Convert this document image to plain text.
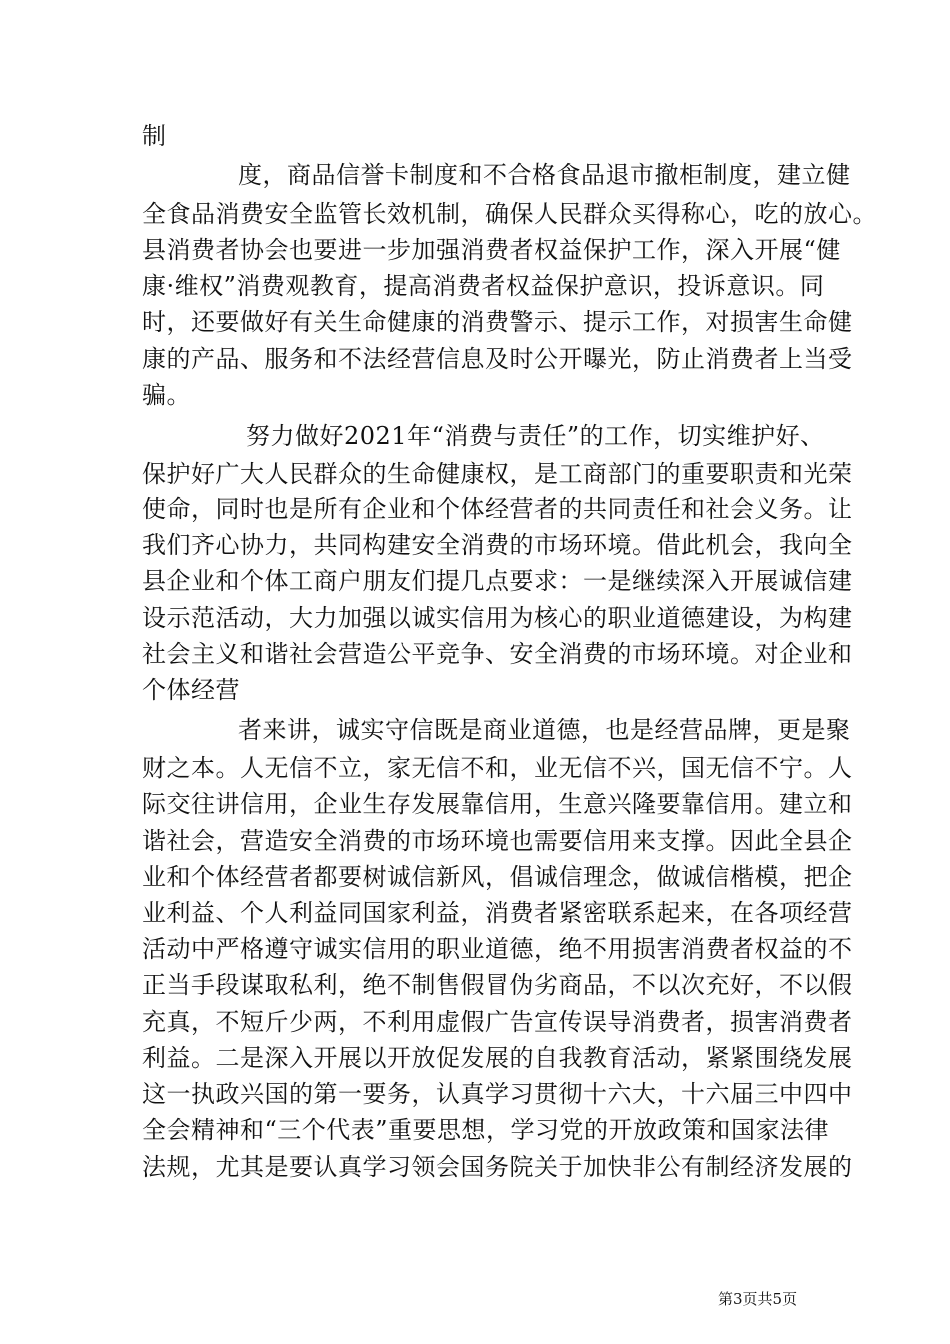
制
度，商品信誉卡制度和不合格食品退市撤柜制度，建立健
全食品消费安全监管长效机制，确保人民群众买得称心，吃的放心。
县消费者协会也要进一步加强消费者权益保护工作，深入开展“健
康·维权”消费观教育，提高消费者权益保护意识，投诉意识。同
时，还要做好有关生命健康的消费警示、提示工作，对损害生命健
康的产品、服务和不法经营信息及时公开曝光，防止消费者上当受
骗。
努力做好2021年“消费与责任”的工作，切实维护好、
保护好广大人民群众的生命健康权，是工商部门的重要职责和光荣
使命，同时也是所有企业和个体经营者的共同责任和社会义务。让
我们齐心协力，共同构建安全消费的市场环境。借此机会，我向全
县企业和个体工商户朋友们提几点要求：一是继续深入开展诚信建
设示范活动，大力加强以诚实信用为核心的职业道德建设，为构建
社会主义和谐社会营造公平竞争、安全消费的市场环境。对企业和
个体经营
者来讲，诚实守信既是商业道德，也是经营品牌，更是聚
财之本。人无信不立，家无信不和，业无信不兴，国无信不宁。人
际交往讲信用，企业生存发展靠信用，生意兴隆要靠信用。建立和
谐社会，营造安全消费的市场环境也需要信用来支撑。因此全县企
业和个体经营者都要树诚信新风，倡诚信理念，做诚信楷模，把企
业利益、个人利益同国家利益，消费者紧密联系起来，在各项经营
活动中严格遵守诚实信用的职业道德，绝不用损害消费者权益的不
正当手段谋取私利，绝不制售假冒伪劣商品，不以次充好，不以假
充真，不短斤少两，不利用虚假广告宣传误导消费者，损害消费者
利益。二是深入开展以开放促发展的自我教育活动，紧紧围绕发展
这一执政兴国的第一要务，认真学习贯彻十六大，十六届三中四中
全会精神和“三个代表”重要思想，学习党的开放政策和国家法律
法规，尤其是要认真学习领会国务院关于加快非公有制经济发展的
第3页共5页
